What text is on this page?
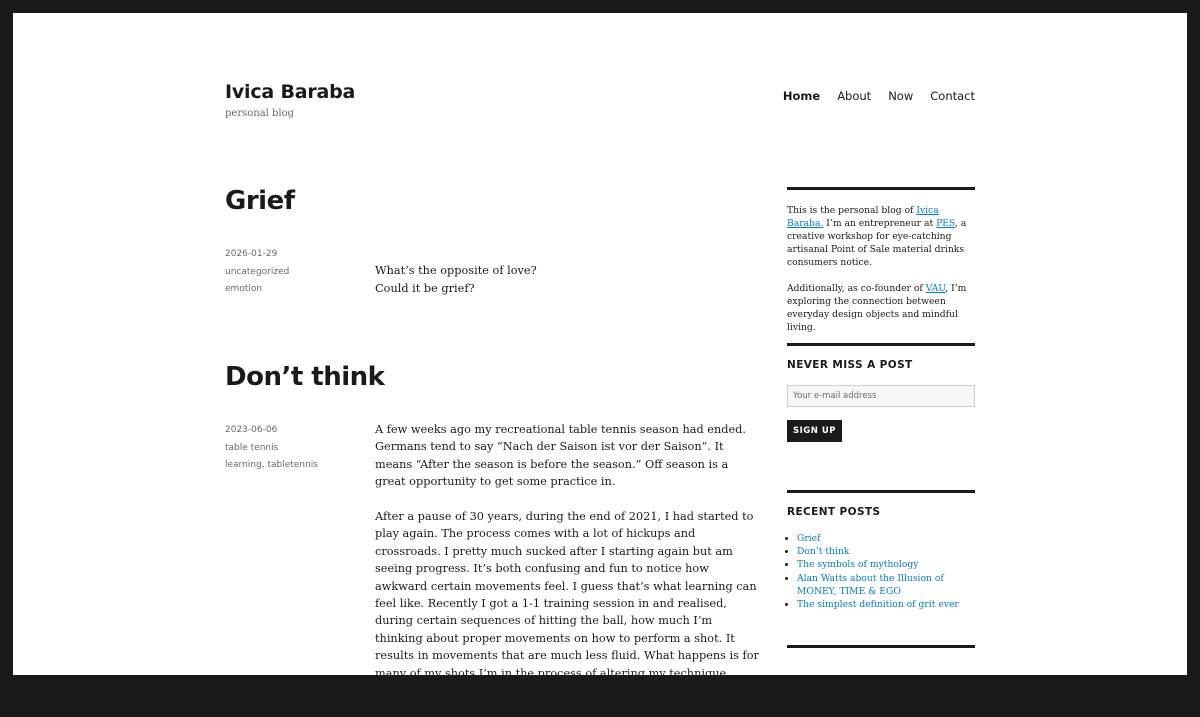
Ivica Baraba
personal blog
Home About Now Contact
Grief
2026-01-29
uncategorized
emotion

What’s the opposite of love?
Could it be grief?

Don’t think
2023-06-06
table tennis
learning, tabletennis

A few weeks ago my recreational table tennis season had ended. Germans tend to say “Nach der Saison ist vor der Saison”. It means “After the season is before the season.” Off season is a great opportunity to get some practice in.

After a pause of 30 years, during the end of 2021, I had started to play again. The process comes with a lot of hickups and crossroads. I pretty much sucked after I starting again but am seeing progress. It’s both confusing and fun to notice how awkward certain movements feel. I guess that’s what learning can feel like. Recently I got a 1-1 training session in and realised, during certain sequences of hitting the ball, how much I’m thinking about proper movements on how to perform a shot. It results in movements that are much less fluid. What happens is for many of my shots I’m in the process of altering my technique. Why? Because a lot of my movements,

This is the personal blog of Ivica Baraba. I’m an entrepreneur at PES, a creative workshop for eye-catching artisanal Point of Sale material drinks consumers notice.

Additionally, as co-founder of VAU, I’m exploring the connection between everyday design objects and mindful living.

NEVER MISS A POST
Your e-mail address
SIGN UP
RECENT POSTS
• Grief
• Don’t think
• The symbols of mythology
• Alan Watts about the Illusion of MONEY, TIME & EGO
• The simplest definition of grit ever
